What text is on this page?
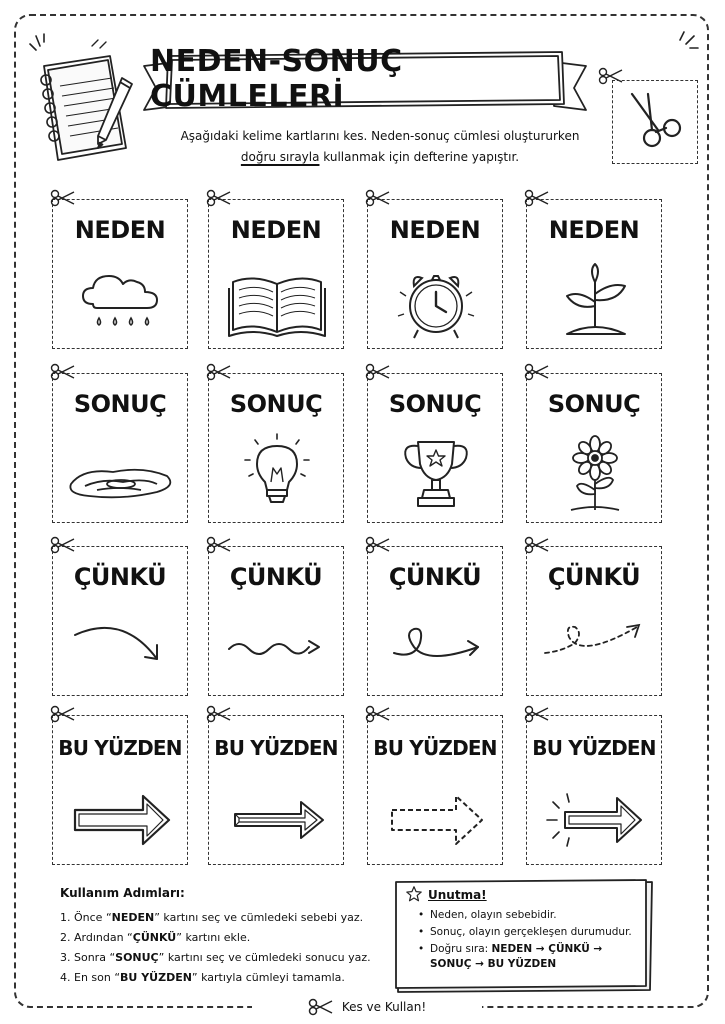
NEDEN-SONUÇ CÜMLELERİ
Aşağıdaki kelime kartlarını kes. Neden-sonuç cümlesi oluştururken
doğru sırayla kullanmak için defterine yapıştır.
NEDEN	NEDEN	NEDEN	NEDEN
SONUÇ	SONUÇ	SONUÇ	SONUÇ
ÇÜNKÜ	ÇÜNKÜ	ÇÜNKÜ	ÇÜNKÜ
BU YÜZDEN BU YÜZDEN BU YÜZDEN BU YÜZDEN
Kullanım Adımları:
1. Önce “NEDEN” kartını seç ve cümledeki sebebi yaz.
2. Ardından “ÇÜNKÜ” kartını ekle.
3. Sonra “SONUÇ” kartını seç ve cümledeki sonucu yaz.
4. En son “BU YÜZDEN” kartıyla cümleyi tamamla.
Unutma!
• Neden, olayın sebebidir.
• Sonuç, olayın gerçekleşen durumudur.
• Doğru sıra: NEDEN → ÇÜNKÜ → SONUÇ → BU YÜZDEN
Kes ve Kullan!
